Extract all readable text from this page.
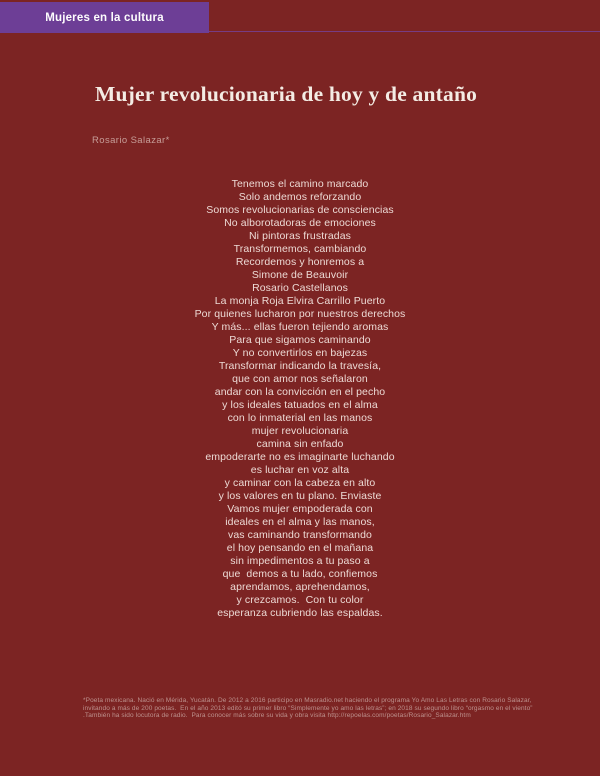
Mujeres en la cultura
Mujer revolucionaria de hoy y de antaño

Rosario Salazar*

Tenemos el camino marcado
Solo andemos reforzando
Somos revolucionarias de consciencias
No alborotadoras de emociones
Ni pintoras frustradas
Transformemos, cambiando
Recordemos y honremos a
Simone de Beauvoir
Rosario Castellanos
La monja Roja Elvira Carrillo Puerto
Por quienes lucharon por nuestros derechos
Y más... ellas fueron tejiendo aromas
Para que sigamos caminando
Y no convertirlos en bajezas
Transformar indicando la travesía,
que con amor nos señalaron
andar con la convicción en el pecho
y los ideales tatuados en el alma
con lo inmaterial en las manos
mujer revolucionaria
camina sin enfado
empoderarte no es imaginarte luchando
es luchar en voz alta
y caminar con la cabeza en alto
y los valores en tu plano. Enviaste
Vamos mujer empoderada con
ideales en el alma y las manos,
vas caminando transformando
el hoy pensando en el mañana
sin impedimentos a tu paso a
que  demos a tu lado, confiemos
aprendamos, aprehendamos,
y crezcamos.  Con tu color
esperanza cubriendo las espaldas.
*Poeta mexicana. Nació en Mérida, Yucatán. De 2012 a 2016 participo en Masradio.net haciendo el programa Yo Amo Las Letras con Rosario Salazar,
invitando a más de 200 poetas.  En el año 2013 editó su primer libro “Simplemente yo amo las letras”; en 2018 su segundo libro “orgasmo en el viento”
.También ha sido locutora de radio.  Para conocer más sobre su vida y obra visita http://repoelas.com/poetas/Rosario_Salazar.htm
